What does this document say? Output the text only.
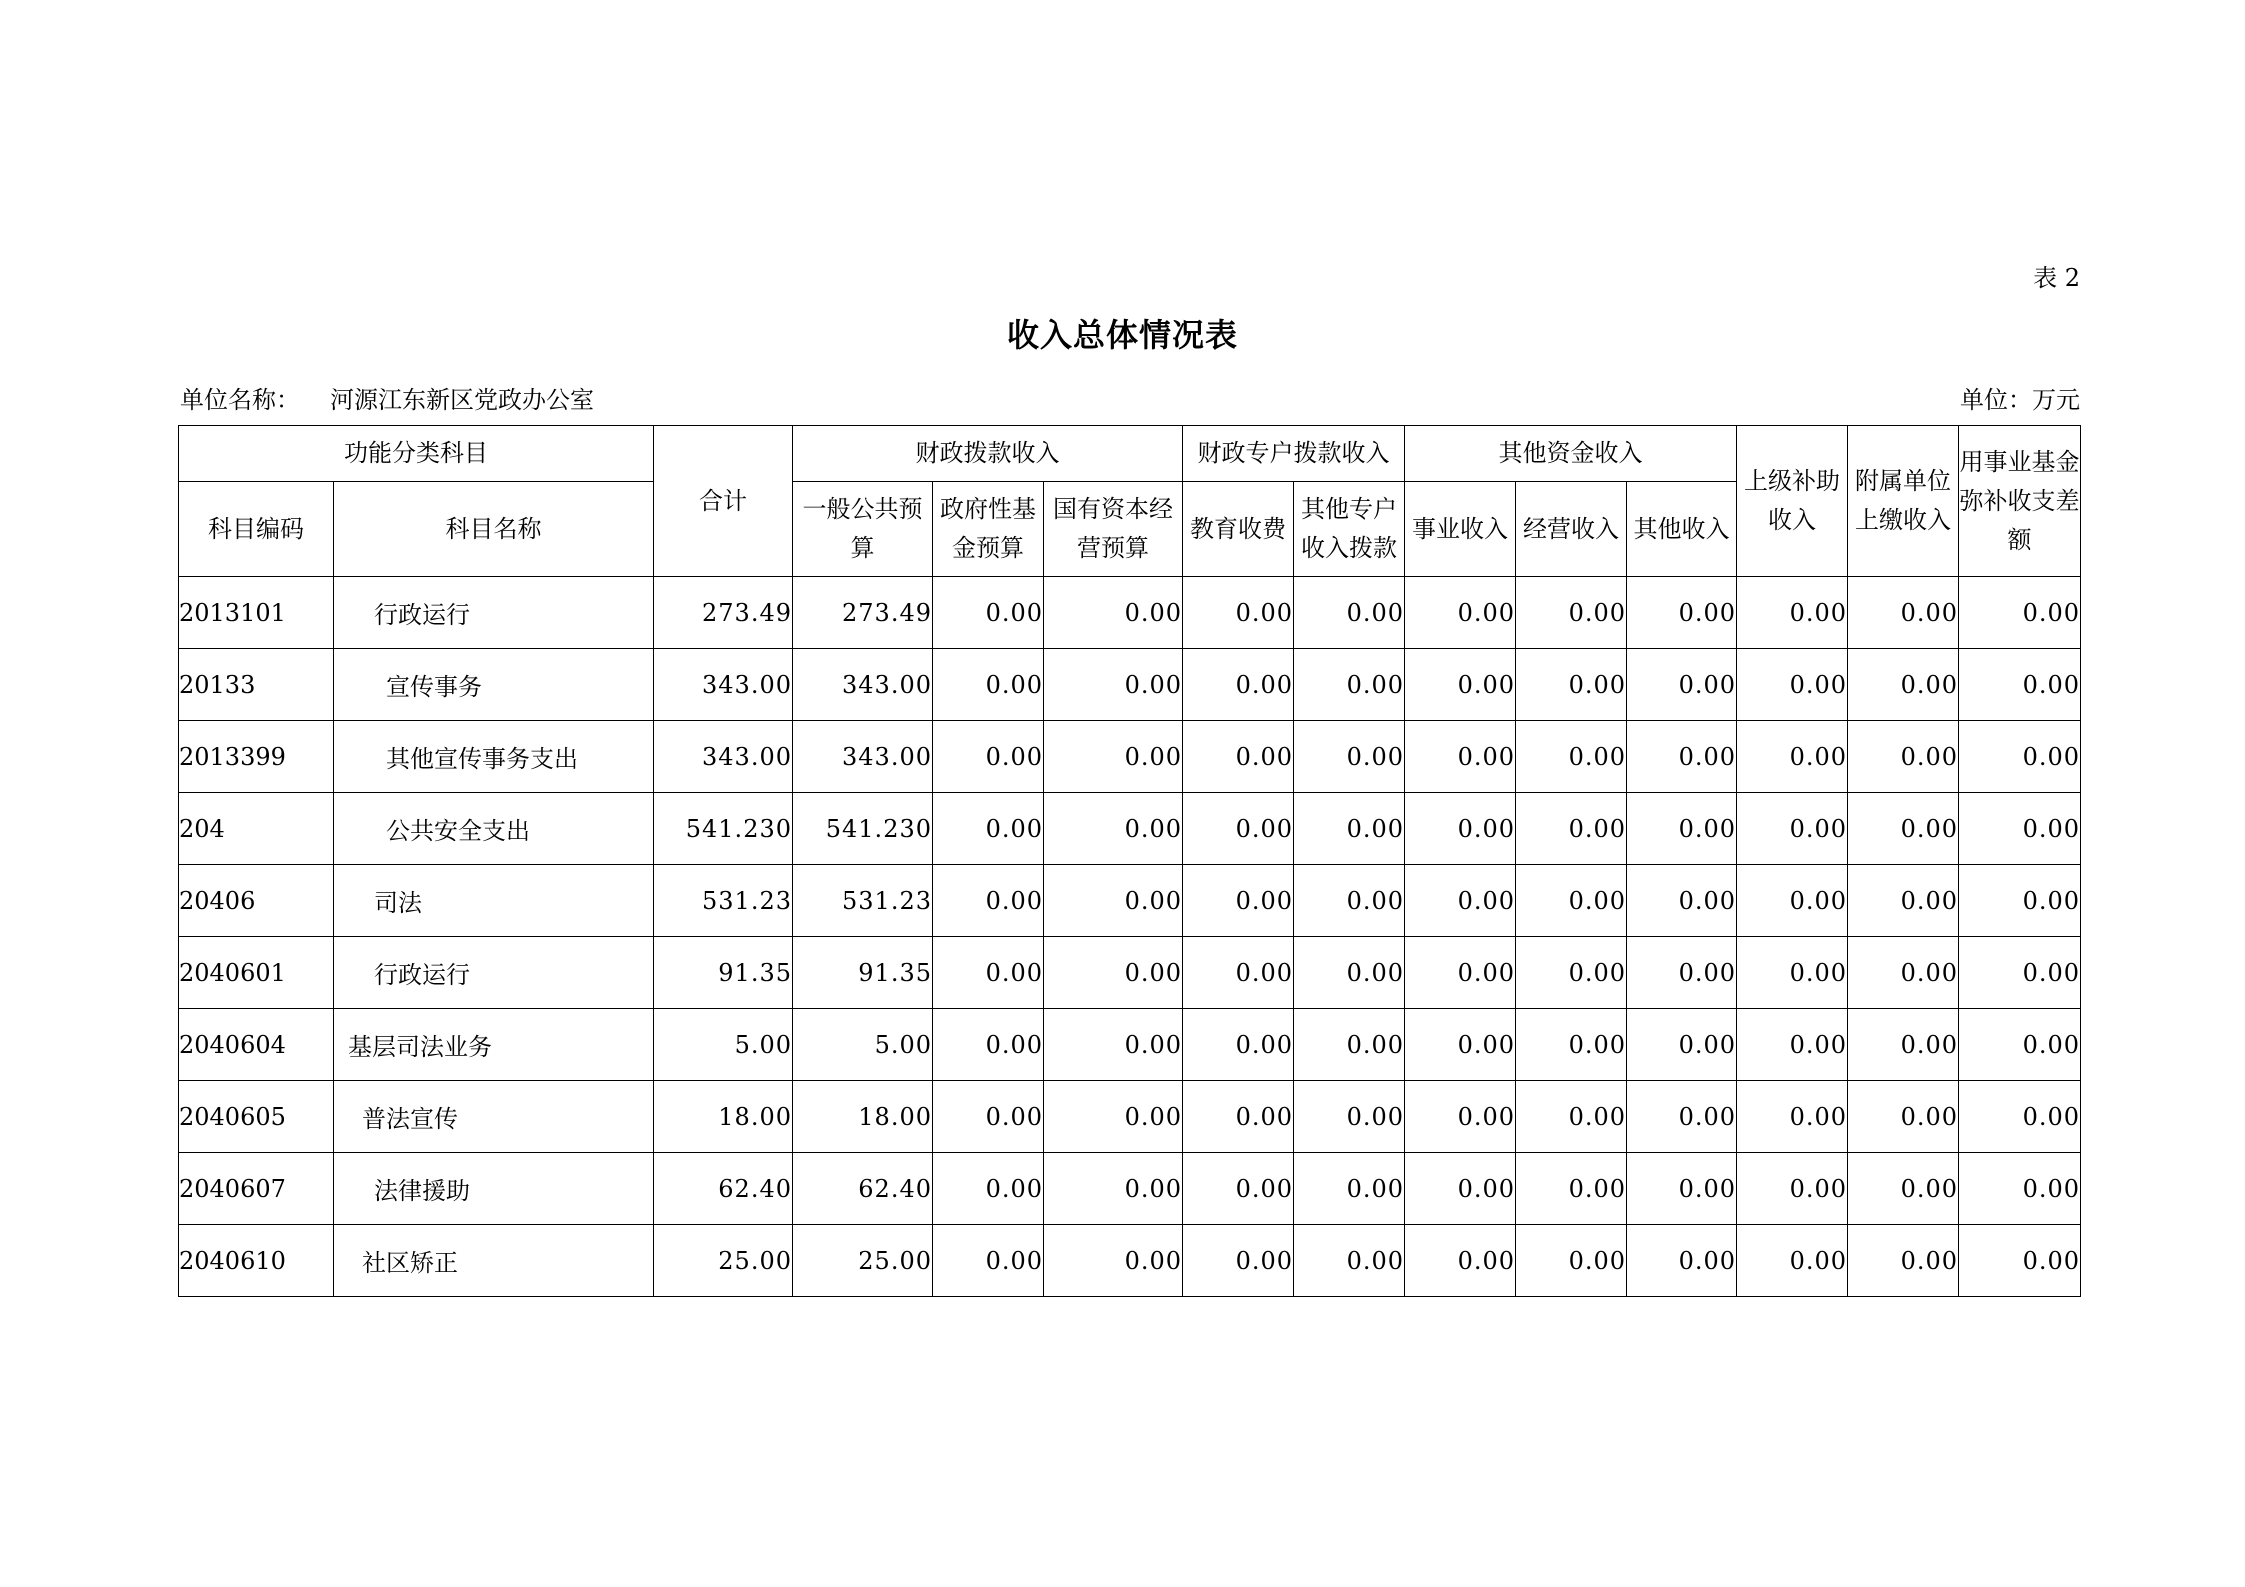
表 2
收入总体情况表
单位名称： 河源江东新区党政办公室	单位：万元
功能分类科目		合计	财政拨款收入			财政专户拨款收入		其他资金收入			上级补助收入	附属单位上缴收入	用事业基金弥补收支差额
科目编码	科目名称		一般公共预算	政府性基金预算	国有资本经营预算	教育收费	其他专户收入拨款	事业收入	经营收入	其他收入			
2013101	行政运行	273.49	273.49	0.00	0.00	0.00	0.00	0.00	0.00	0.00	0.00	0.00	0.00
20133	宣传事务	343.00	343.00	0.00	0.00	0.00	0.00	0.00	0.00	0.00	0.00	0.00	0.00
2013399	其他宣传事务支出	343.00	343.00	0.00	0.00	0.00	0.00	0.00	0.00	0.00	0.00	0.00	0.00
204	公共安全支出	541.230	541.230	0.00	0.00	0.00	0.00	0.00	0.00	0.00	0.00	0.00	0.00
20406	司法	531.23	531.23	0.00	0.00	0.00	0.00	0.00	0.00	0.00	0.00	0.00	0.00
2040601	行政运行	91.35	91.35	0.00	0.00	0.00	0.00	0.00	0.00	0.00	0.00	0.00	0.00
2040604	基层司法业务	5.00	5.00	0.00	0.00	0.00	0.00	0.00	0.00	0.00	0.00	0.00	0.00
2040605	普法宣传	18.00	18.00	0.00	0.00	0.00	0.00	0.00	0.00	0.00	0.00	0.00	0.00
2040607	法律援助	62.40	62.40	0.00	0.00	0.00	0.00	0.00	0.00	0.00	0.00	0.00	0.00
2040610	社区矫正	25.00	25.00	0.00	0.00	0.00	0.00	0.00	0.00	0.00	0.00	0.00	0.00
